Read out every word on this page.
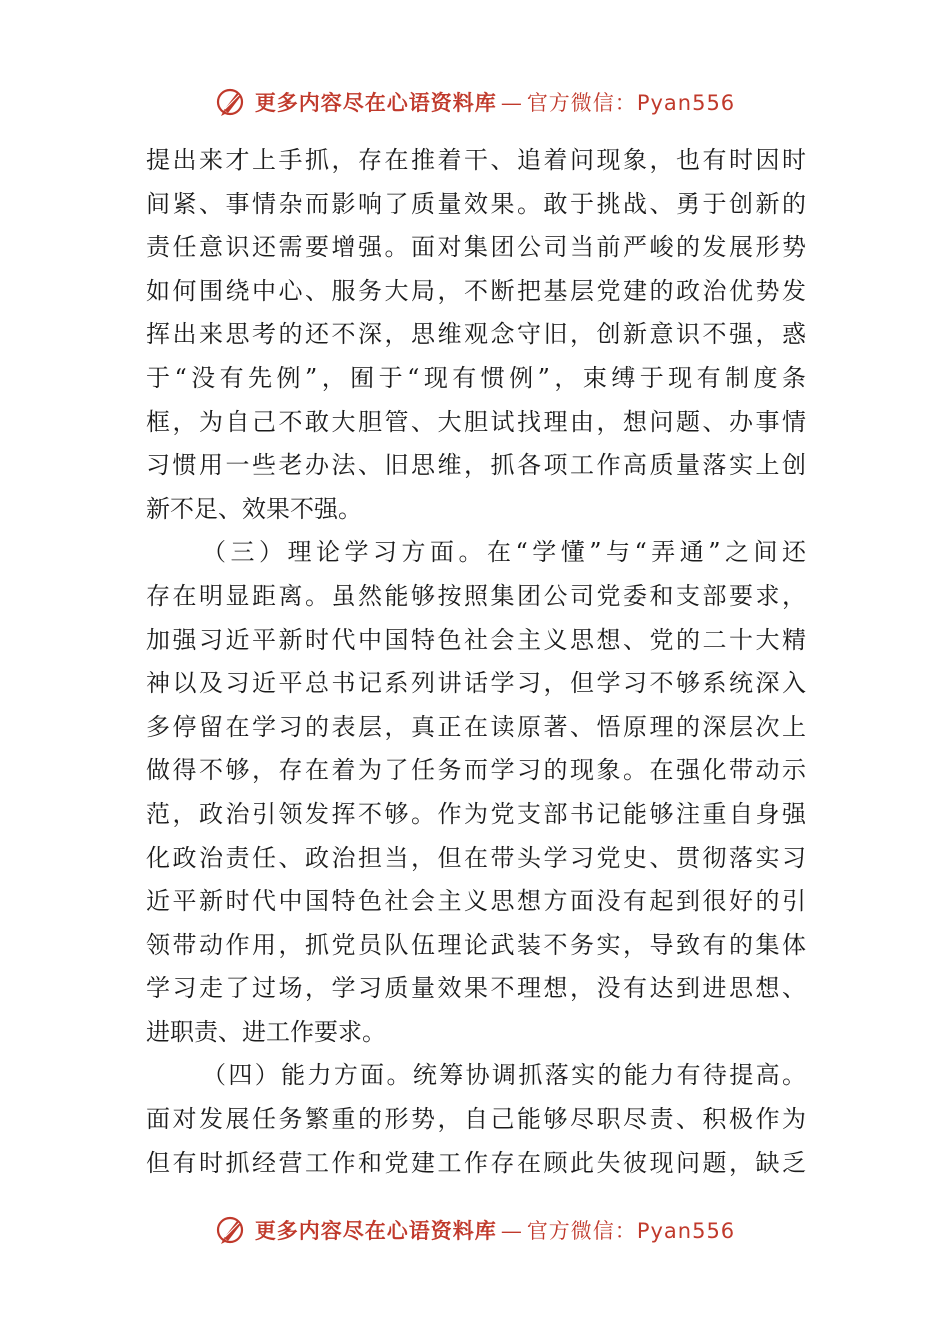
更多内容尽在心语资料库 — 官方微信：Pyan556
提出来才上手抓，存在推着干、追着问现象，也有时因时
间紧、事情杂而影响了质量效果。敢于挑战、勇于创新的
责任意识还需要增强。面对集团公司当前严峻的发展形势
如何围绕中心、服务大局，不断把基层党建的政治优势发
挥出来思考的还不深，思维观念守旧，创新意识不强，惑
于“没有先例”，囿于“现有惯例”，束缚于现有制度条
框，为自己不敢大胆管、大胆试找理由，想问题、办事情
习惯用一些老办法、旧思维，抓各项工作高质量落实上创
新不足、效果不强。
（三）理论学习方面。在“学懂”与“弄通”之间还
存在明显距离。虽然能够按照集团公司党委和支部要求，
加强习近平新时代中国特色社会主义思想、党的二十大精
神以及习近平总书记系列讲话学习，但学习不够系统深入
多停留在学习的表层，真正在读原著、悟原理的深层次上
做得不够，存在着为了任务而学习的现象。在强化带动示
范，政治引领发挥不够。作为党支部书记能够注重自身强
化政治责任、政治担当，但在带头学习党史、贯彻落实习
近平新时代中国特色社会主义思想方面没有起到很好的引
领带动作用，抓党员队伍理论武装不务实，导致有的集体
学习走了过场，学习质量效果不理想，没有达到进思想、
进职责、进工作要求。
（四）能力方面。统筹协调抓落实的能力有待提高。
面对发展任务繁重的形势，自己能够尽职尽责、积极作为
但有时抓经营工作和党建工作存在顾此失彼现问题，缺乏
更多内容尽在心语资料库 — 官方微信：Pyan556
